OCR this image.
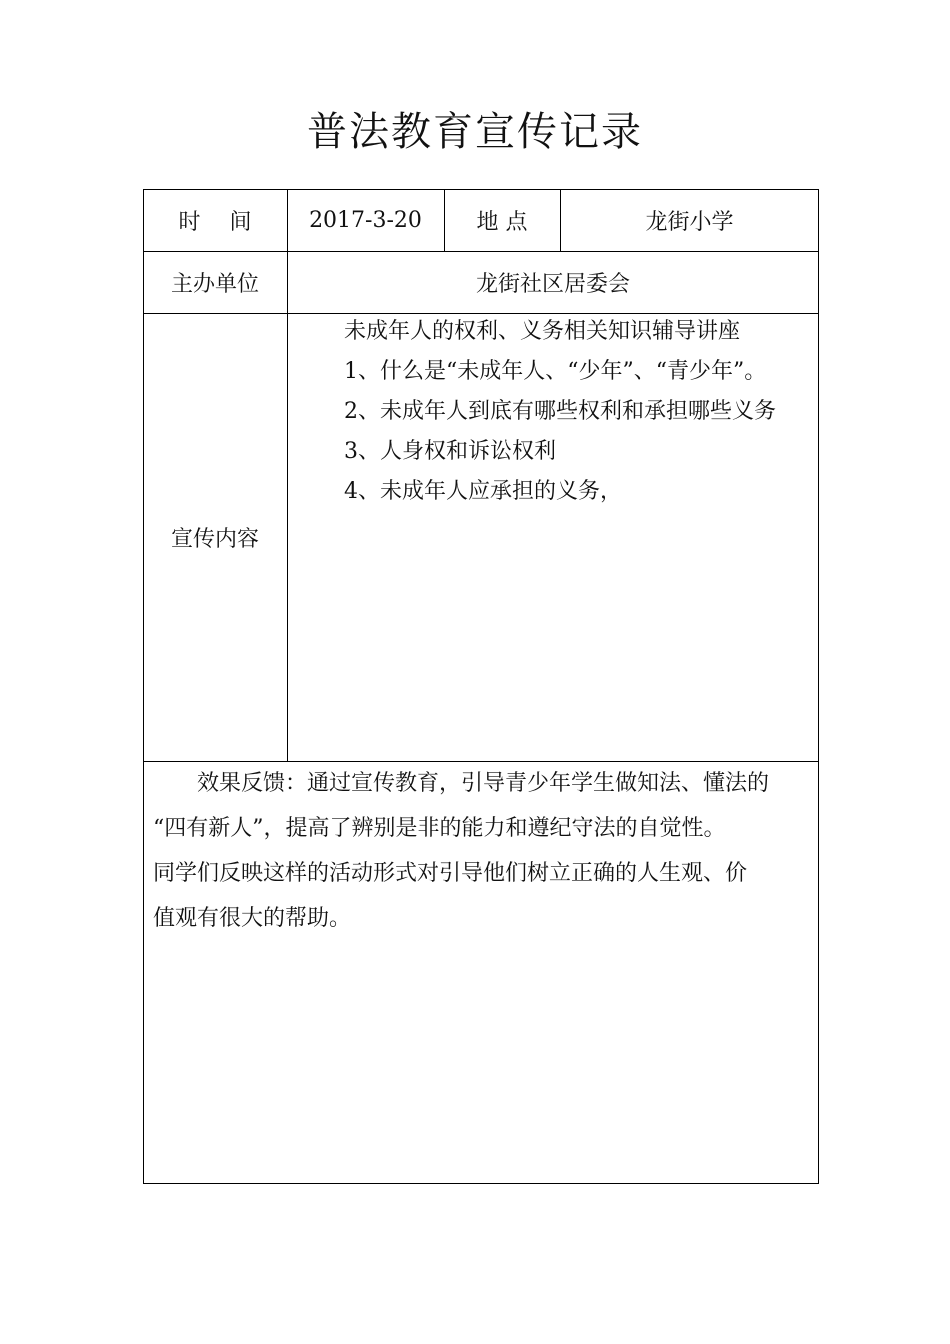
普法教育宣传记录
时　 间	2017-3-20	地 点	龙街小学
主办单位	龙街社区居委会
宣传内容
未成年人的权利、义务相关知识辅导讲座
1、什么是“未成年人、“少年”、“青少年”。
2、未成年人到底有哪些权利和承担哪些义务
3、人身权和诉讼权利
4、未成年人应承担的义务，
效果反馈：通过宣传教育，引导青少年学生做知法、懂法的
“四有新人”，提高了辨别是非的能力和遵纪守法的自觉性。
同学们反映这样的活动形式对引导他们树立正确的人生观、价
值观有很大的帮助。
